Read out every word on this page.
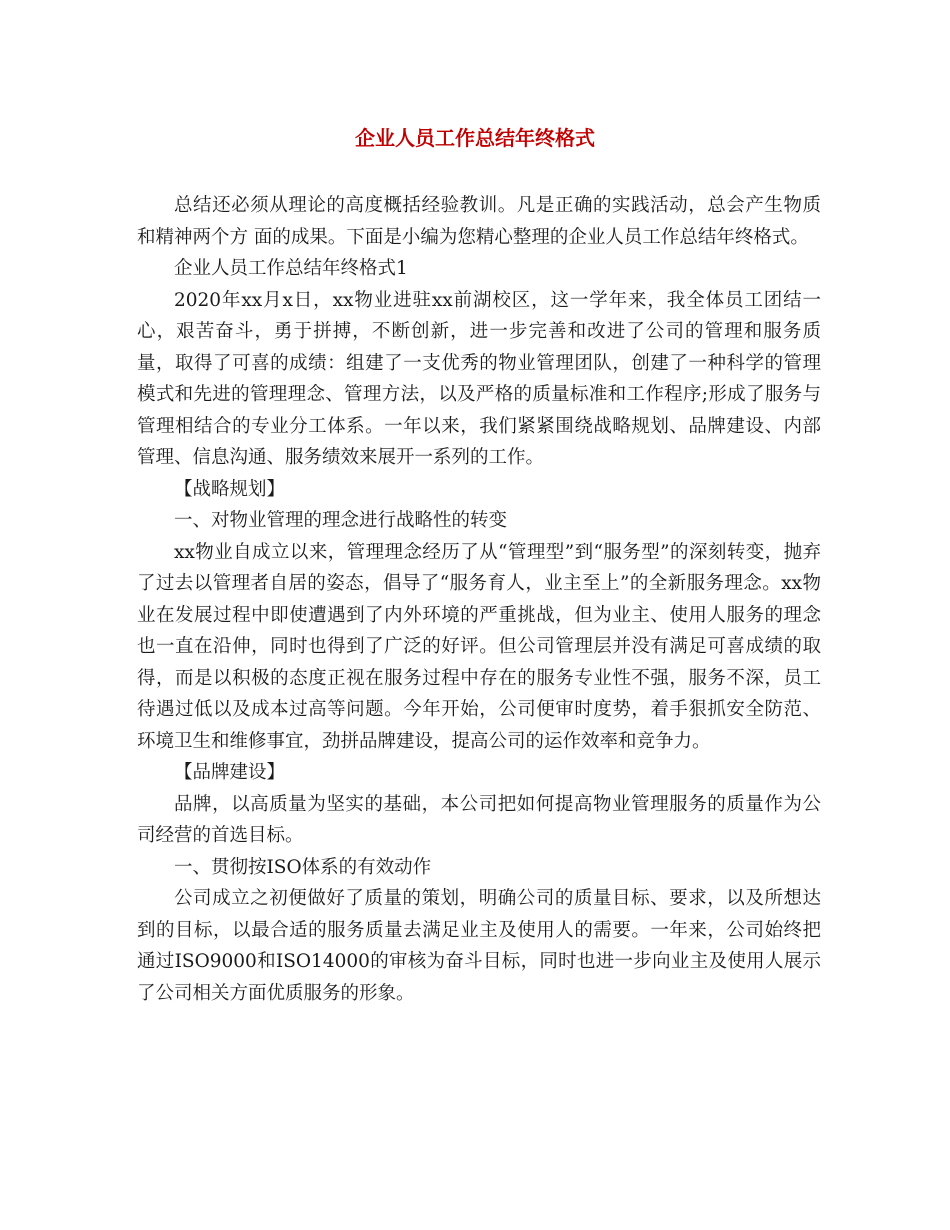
企业人员工作总结年终格式

总结还必须从理论的高度概括经验教训。凡是正确的实践活动，总会产生物质和精神两个方 面的成果。下面是小编为您精心整理的企业人员工作总结年终格式。

企业人员工作总结年终格式1

2020年xx月x日，xx物业进驻xx前湖校区，这一学年来，我全体员工团结一心，艰苦奋斗，勇于拼搏，不断创新，进一步完善和改进了公司的管理和服务质量，取得了可喜的成绩：组建了一支优秀的物业管理团队，创建了一种科学的管理模式和先进的管理理念、管理方法，以及严格的质量标准和工作程序;形成了服务与管理相结合的专业分工体系。一年以来，我们紧紧围绕战略规划、品牌建设、内部管理、信息沟通、服务绩效来展开一系列的工作。

【战略规划】

一、对物业管理的理念进行战略性的转变

xx物业自成立以来，管理理念经历了从“管理型”到“服务型”的深刻转变，抛弃了过去以管理者自居的姿态，倡导了“服务育人，业主至上”的全新服务理念。xx物业在发展过程中即使遭遇到了内外环境的严重挑战，但为业主、使用人服务的理念也一直在沿伸，同时也得到了广泛的好评。但公司管理层并没有满足可喜成绩的取得，而是以积极的态度正视在服务过程中存在的服务专业性不强，服务不深，员工待遇过低以及成本过高等问题。今年开始，公司便审时度势，着手狠抓安全防范、环境卫生和维修事宜，劲拼品牌建设，提高公司的运作效率和竞争力。

【品牌建设】

品牌，以高质量为坚实的基础，本公司把如何提高物业管理服务的质量作为公司经营的首选目标。

一、贯彻按ISO体系的有效动作

公司成立之初便做好了质量的策划，明确公司的质量目标、要求，以及所想达到的目标，以最合适的服务质量去满足业主及使用人的需要。一年来，公司始终把通过ISO9000和ISO14000的审核为奋斗目标，同时也进一步向业主及使用人展示了公司相关方面优质服务的形象。
